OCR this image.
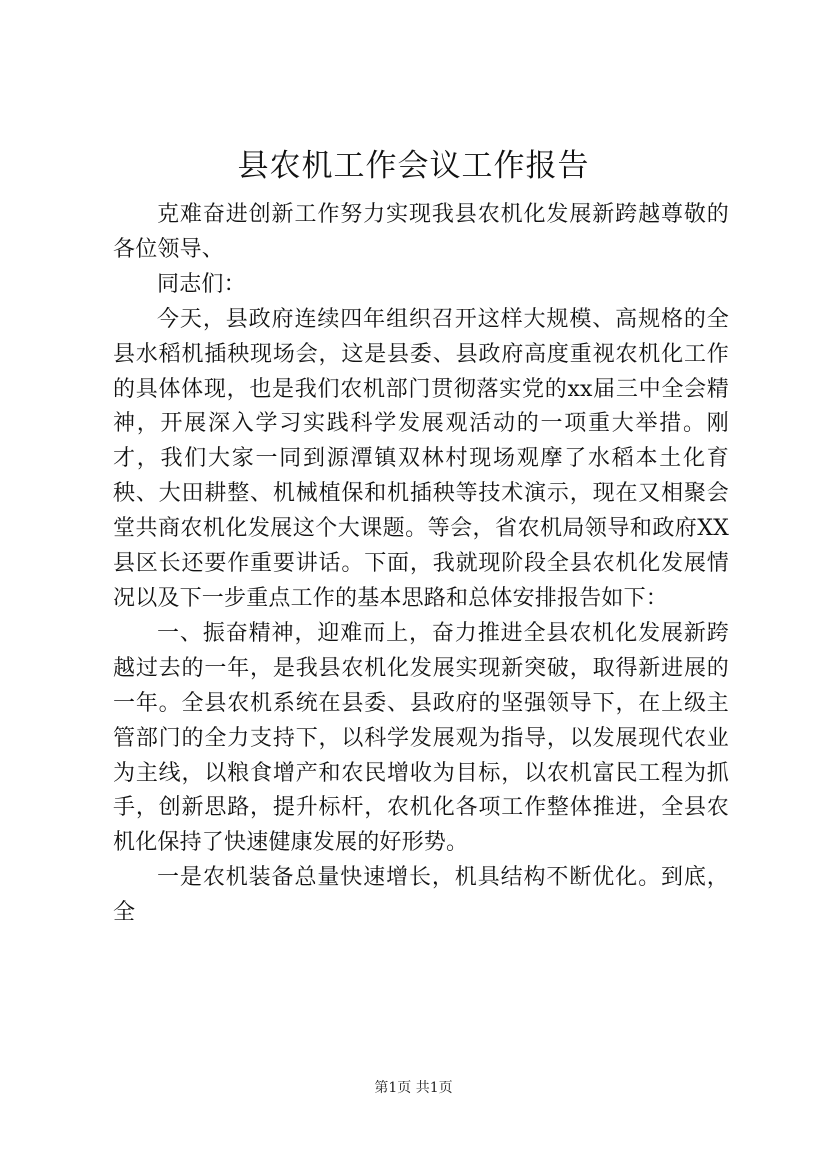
县农机工作会议工作报告

克难奋进创新工作努力实现我县农机化发展新跨越尊敬的各位领导、

同志们：

今天，县政府连续四年组织召开这样大规模、高规格的全县水稻机插秧现场会，这是县委、县政府高度重视农机化工作的具体体现，也是我们农机部门贯彻落实党的xx届三中全会精神，开展深入学习实践科学发展观活动的一项重大举措。刚才，我们大家一同到源潭镇双林村现场观摩了水稻本土化育秧、大田耕整、机械植保和机插秧等技术演示，现在又相聚会堂共商农机化发展这个大课题。等会，省农机局领导和政府XX县区长还要作重要讲话。下面，我就现阶段全县农机化发展情况以及下一步重点工作的基本思路和总体安排报告如下：

一、振奋精神，迎难而上，奋力推进全县农机化发展新跨越过去的一年，是我县农机化发展实现新突破，取得新进展的一年。全县农机系统在县委、县政府的坚强领导下，在上级主管部门的全力支持下，以科学发展观为指导，以发展现代农业为主线，以粮食增产和农民增收为目标，以农机富民工程为抓手，创新思路，提升标杆，农机化各项工作整体推进，全县农机化保持了快速健康发展的好形势。

一是农机装备总量快速增长，机具结构不断优化。到底，全

第1页 共1页
